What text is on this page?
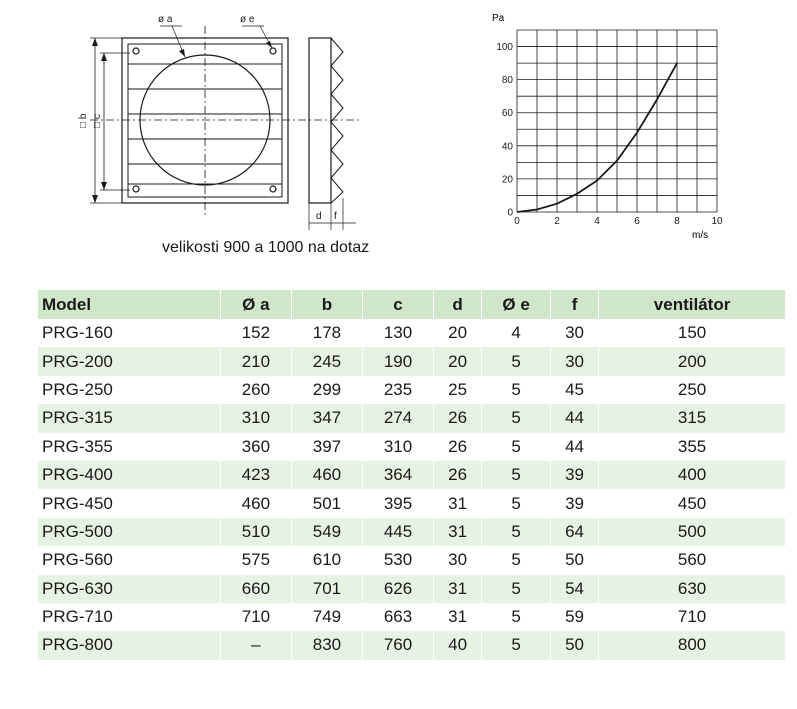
ø a	ø e
□ b □ c
d f
velikosti 900 a 1000 na dotaz
0	2	4	6	8	10
0
20
40
60
80
100
Pa
m/s
Model	Ø a	b	c	d	Ø e	f	ventilátor
PRG-160	152	178	130	20	4	30	150
PRG-200	210	245	190	20	5	30	200
PRG-250	260	299	235	25	5	45	250
PRG-315	310	347	274	26	5	44	315
PRG-355	360	397	310	26	5	44	355
PRG-400	423	460	364	26	5	39	400
PRG-450	460	501	395	31	5	39	450
PRG-500	510	549	445	31	5	64	500
PRG-560	575	610	530	30	5	50	560
PRG-630	660	701	626	31	5	54	630
PRG-710	710	749	663	31	5	59	710
PRG-800	–	830	760	40	5	50	800
